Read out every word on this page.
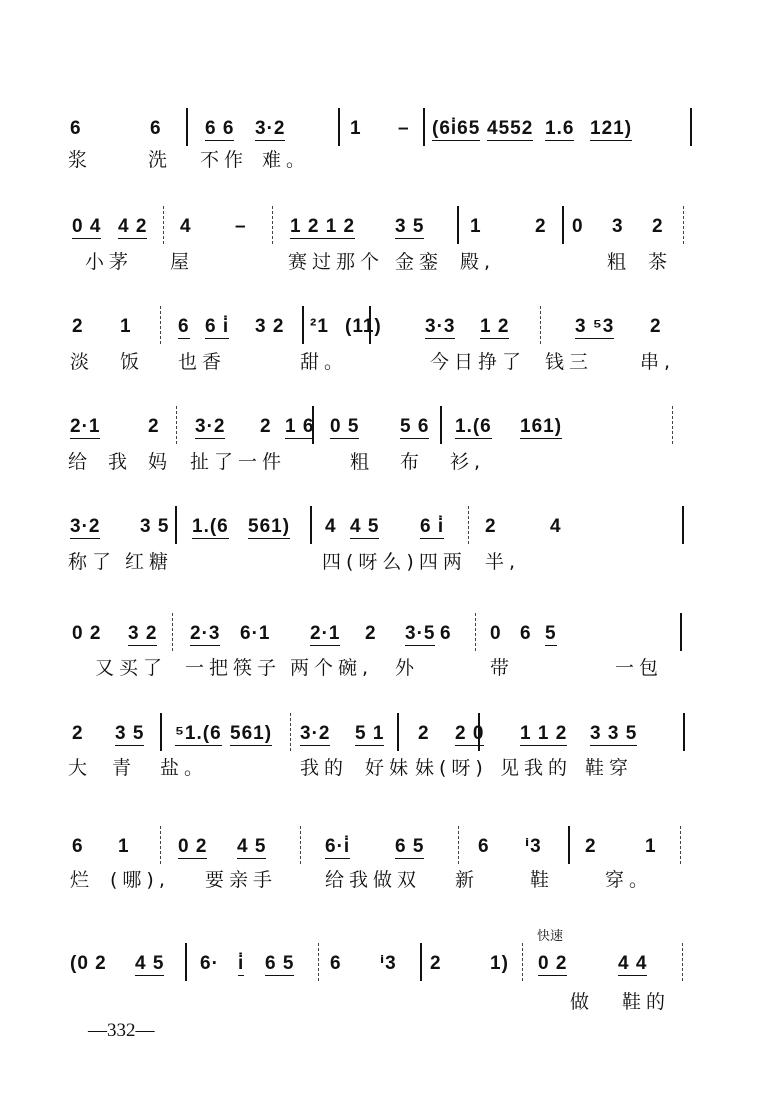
快速
—332—
6	6 6 6 3·2	1 – (6i̇65 4552 1.6 121)
浆	洗 不作 难。
0 4 4 2 4 – 1 2 1 2 3 5 1	2 0 3 2
小茅 屋	赛过那个 金銮 殿,	粗 茶
2 1 6 6 i̇ 3 2 ²1 (11) 3·3 1 2	3 ⁵3 2
淡 饭 也香	甜。	今日挣了 钱三 串,
2·1	2 3·2 2 1 6 0 5 5 6 1.(6 161)
给 我 妈 扯了一件	粗 布 衫,
3·2 3 5 1.(6 561) 4 4 5 6 i̇ 2	4
称了 红糖	四(呀么)四两 半,
0 2 3 2 2·3 6·1 2·1 2 3·5 6 0 6 5
又买了 一把筷子 两个碗, 外	带	一包
2 3 5 ⁵1.(6 561) 3·2 5 1 2 2 0 1 1 2 3 3 5
大 青 盐。	我的 好妹 妹(呀) 见我的 鞋穿
6 1	0 2 4 5	6·i̇ 6 5	6 ⁱ3 2	1
烂 (哪), 要亲手	给我做双 新	鞋	穿。
(0 2 4 5 6· i̇ 6 5 6 ⁱ3 2	1) 0 2	4 4
做 鞋的
